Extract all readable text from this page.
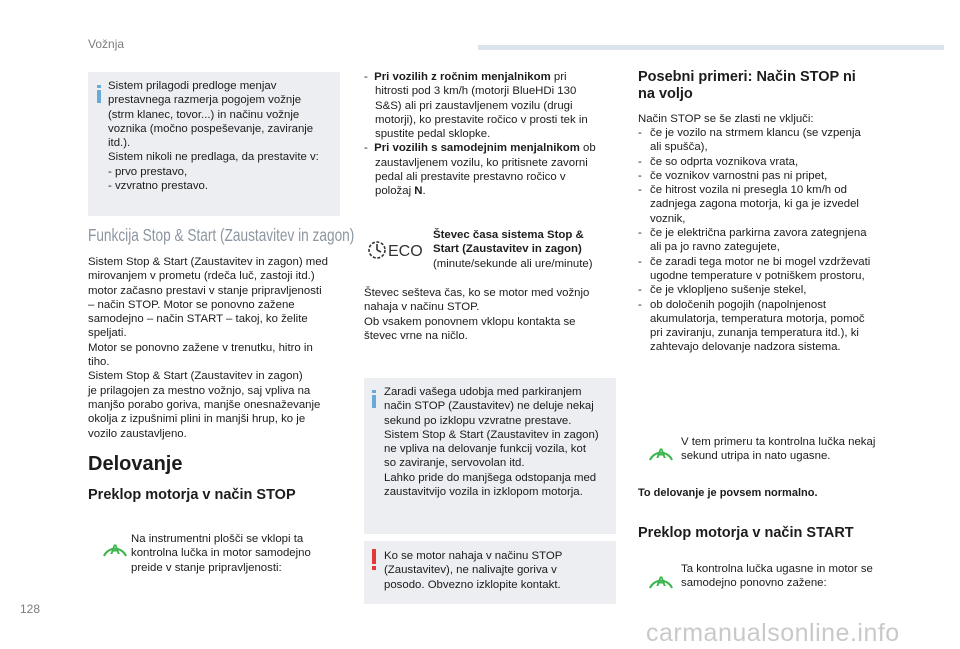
Vožnja
Sistem prilagodi predloge menjav
prestavnega razmerja pogojem vožnje
(strm klanec, tovor...) in načinu vožnje
voznika (močno pospeševanje, zaviranje
itd.).
Sistem nikoli ne predlaga, da prestavite v:
- prvo prestavo,
- vzvratno prestavo.
Funkcija Stop & Start (Zaustavitev in zagon)
Sistem Stop & Start (Zaustavitev in zagon) med
mirovanjem v prometu (rdeča luč, zastoji itd.)
motor začasno prestavi v stanje pripravljenosti
– način STOP. Motor se ponovno zažene
samodejno – način START – takoj, ko želite
speljati.
Motor se ponovno zažene v trenutku, hitro in
tiho.
Sistem Stop & Start (Zaustavitev in zagon)
je prilagojen za mestno vožnjo, saj vpliva na
manjšo porabo goriva, manjše onesnaževanje
okolja z izpušnimi plini in manjši hrup, ko je
vozilo zaustavljeno.
Delovanje
Preklop motorja v način STOP
A
Na instrumentni plošči se vklopi ta
kontrolna lučka in motor samodejno
preide v stanje pripravljenosti:
-  Pri vozilih z ročnim menjalnikom pri
hitrosti pod 3 km/h (motorji BlueHDi 130
S&S) ali pri zaustavljenem vozilu (drugi
motorji), ko prestavite ročico v prosti tek in
spustite pedal sklopke.
-  Pri vozilih s samodejnim menjalnikom ob
zaustavljenem vozilu, ko pritisnete zavorni
pedal ali prestavite prestavno ročico v
položaj N.
ECO
Števec časa sistema Stop &
Start (Zaustavitev in zagon)
(minute/sekunde ali ure/minute)
Števec sešteva čas, ko se motor med vožnjo
nahaja v načinu STOP.
Ob vsakem ponovnem vklopu kontakta se
števec vrne na ničlo.
Zaradi vašega udobja med parkiranjem
način STOP (Zaustavitev) ne deluje nekaj
sekund po izklopu vzvratne prestave.
Sistem Stop & Start (Zaustavitev in zagon)
ne vpliva na delovanje funkcij vozila, kot
so zaviranje, servovolan itd.
Lahko pride do manjšega odstopanja med
zaustavitvijo vozila in izklopom motorja.
Ko se motor nahaja v načinu STOP
(Zaustavitev), ne nalivajte goriva v
posodo. Obvezno izklopite kontakt.
Posebni primeri: Način STOP ni
na voljo
Način STOP se še zlasti ne vključi:
- če je vozilo na strmem klancu (se vzpenja
ali spušča),
- če so odprta voznikova vrata,
- če voznikov varnostni pas ni pripet,
- če hitrost vozila ni presegla 10 km/h od
zadnjega zagona motorja, ki ga je izvedel
voznik,
- če je električna parkirna zavora zategnjena
ali pa jo ravno zategujete,
- če zaradi tega motor ne bi mogel vzdrževati
ugodne temperature v potniškem prostoru,
- če je vklopljeno sušenje stekel,
- ob določenih pogojih (napolnjenost
akumulatorja, temperatura motorja, pomoč
pri zaviranju, zunanja temperatura itd.), ki
zahtevajo delovanje nadzora sistema.
A
V tem primeru ta kontrolna lučka nekaj
sekund utripa in nato ugasne.
To delovanje je povsem normalno.
Preklop motorja v način START
A
Ta kontrolna lučka ugasne in motor se
samodejno ponovno zažene:
128
carmanualsonline.info
